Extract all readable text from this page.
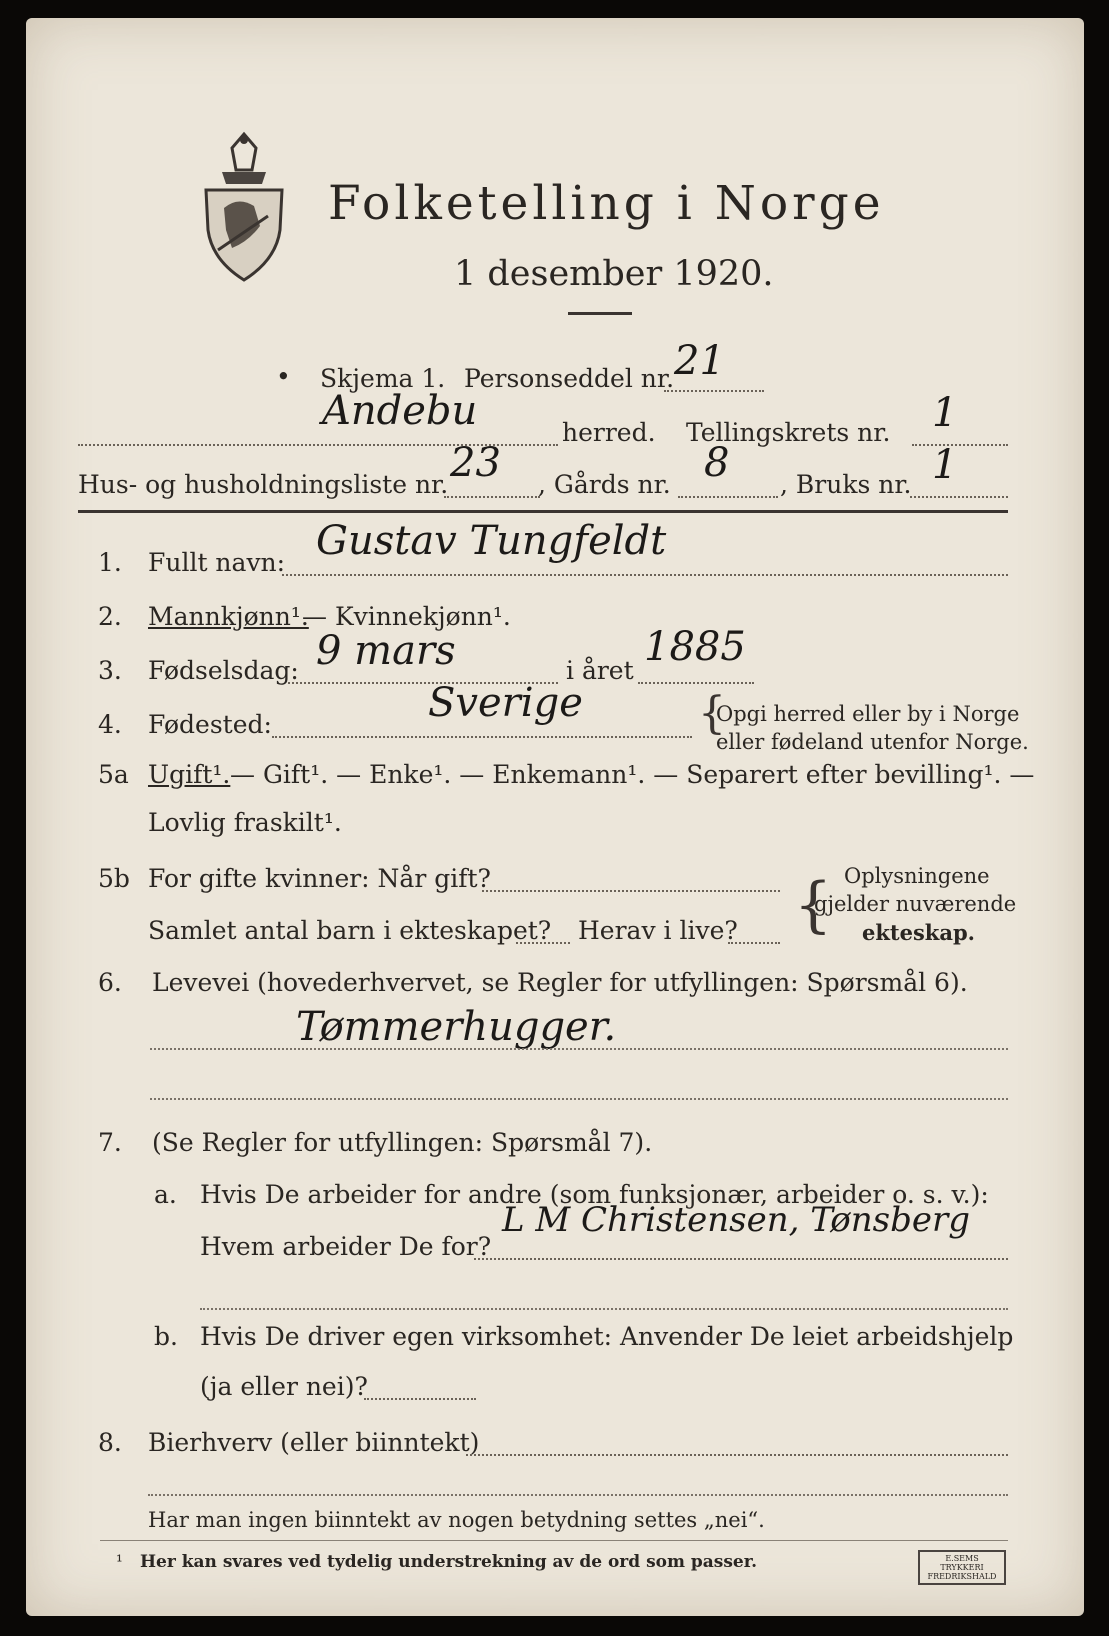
Folketelling i Norge
1 desember 1920.
• Skjema 1. Personseddel nr. 21
Andebu	herred. Tellingskrets nr. 1
Hus- og husholdningsliste nr. 23 , Gårds nr. 8 , Bruks nr. 1
1. Fullt navn: Gustav Tungfeldt
2. Mannkjønn¹.
— Kvinnekjønn¹.
3. Fødselsdag: 9 mars	i året
1885
4. Fødested:	Sverige	{
Opgi herred eller by i Norge
eller fødeland utenfor Norge.
5a Ugift¹. — Gift¹. — Enke¹. — Enkemann¹. — Separert efter bevilling¹. —
Lovlig fraskilt¹.
5b For gifte kvinner: Når gift?
Samlet antal barn i ekteskapet? Herav i live? { Oplysningene
gjelder nuværende
ekteskap.
6. Levevei (hovederhvervet, se Regler for utfyllingen: Spørsmål 6).
Tømmerhugger.
7. (Se Regler for utfyllingen: Spørsmål 7).
a. Hvis De arbeider for andre (som funksjonær, arbeider o. s. v.):
Hvem arbeider De for?
L M Christensen, Tønsberg
b. Hvis De driver egen virksomhet: Anvender De leiet arbeidshjelp
(ja eller nei)?
8. Bierhverv (eller biinntekt)
Har man ingen biinntekt av nogen betydning settes „nei“.
¹ Her kan svares ved tydelig understrekning av de ord som passer.	E.SEMS TRYKKERI FREDRIKSHALD
